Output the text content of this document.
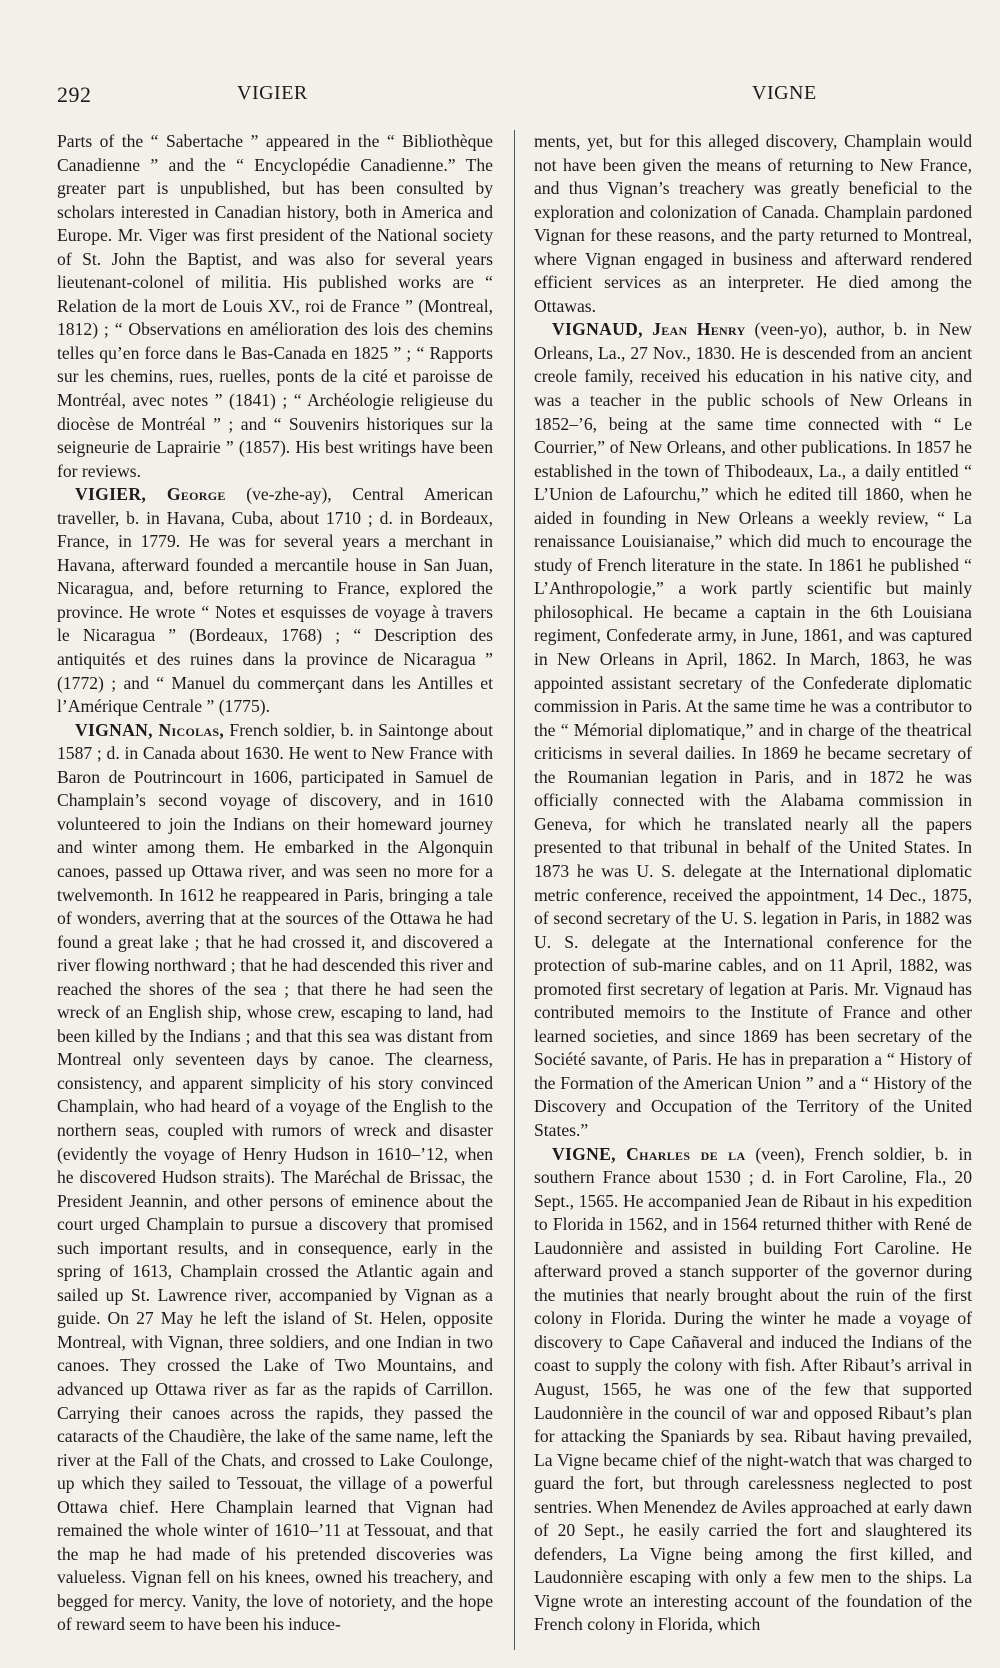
292	VIGIER	VIGNE

Parts of the “ Sabertache ” appeared in the “ Bibliothèque Canadienne ” and the “ Encyclopédie Canadienne.” The greater part is unpublished, but has been consulted by scholars interested in Canadian history, both in America and Europe. Mr. Viger was first president of the National society of St. John the Baptist, and was also for several years lieutenant-colonel of militia. His published works are “ Relation de la mort de Louis XV., roi de France ” (Montreal, 1812) ; “ Observations en amélioration des lois des chemins telles qu’en force dans le Bas-Canada en 1825 ” ; “ Rapports sur les chemins, rues, ruelles, ponts de la cité et paroisse de Montréal, avec notes ” (1841) ; “ Archéologie religieuse du diocèse de Montréal ” ; and “ Souvenirs historiques sur la seigneurie de Laprairie ” (1857). His best writings have been for reviews.

VIGIER, George (ve-zhe-ay), Central American traveller, b. in Havana, Cuba, about 1710 ; d. in Bordeaux, France, in 1779. He was for several years a merchant in Havana, afterward founded a mercantile house in San Juan, Nicaragua, and, before returning to France, explored the province. He wrote “ Notes et esquisses de voyage à travers le Nicaragua ” (Bordeaux, 1768) ; “ Description des antiquités et des ruines dans la province de Nicaragua ” (1772) ; and “ Manuel du commerçant dans les Antilles et l’Amérique Centrale ” (1775).

VIGNAN, Nicolas, French soldier, b. in Saintonge about 1587 ; d. in Canada about 1630. He went to New France with Baron de Poutrincourt in 1606, participated in Samuel de Champlain’s second voyage of discovery, and in 1610 volunteered to join the Indians on their homeward journey and winter among them. He embarked in the Algonquin canoes, passed up Ottawa river, and was seen no more for a twelvemonth. In 1612 he reappeared in Paris, bringing a tale of wonders, averring that at the sources of the Ottawa he had found a great lake ; that he had crossed it, and discovered a river flowing northward ; that he had descended this river and reached the shores of the sea ; that there he had seen the wreck of an English ship, whose crew, escaping to land, had been killed by the Indians ; and that this sea was distant from Montreal only seventeen days by canoe. The clearness, consistency, and apparent simplicity of his story convinced Champlain, who had heard of a voyage of the English to the northern seas, coupled with rumors of wreck and disaster (evidently the voyage of Henry Hudson in 1610–’12, when he discovered Hudson straits). The Maréchal de Brissac, the President Jeannin, and other persons of eminence about the court urged Champlain to pursue a discovery that promised such important results, and in consequence, early in the spring of 1613, Champlain crossed the Atlantic again and sailed up St. Lawrence river, accompanied by Vignan as a guide. On 27 May he left the island of St. Helen, opposite Montreal, with Vignan, three soldiers, and one Indian in two canoes. They crossed the Lake of Two Mountains, and advanced up Ottawa river as far as the rapids of Carrillon. Carrying their canoes across the rapids, they passed the cataracts of the Chaudière, the lake of the same name, left the river at the Fall of the Chats, and crossed to Lake Coulonge, up which they sailed to Tessouat, the village of a powerful Ottawa chief. Here Champlain learned that Vignan had remained the whole winter of 1610–’11 at Tessouat, and that the map he had made of his pretended discoveries was valueless. Vignan fell on his knees, owned his treachery, and begged for mercy. Vanity, the love of notoriety, and the hope of reward seem to have been his induce-

ments, yet, but for this alleged discovery, Champlain would not have been given the means of returning to New France, and thus Vignan’s treachery was greatly beneficial to the exploration and colonization of Canada. Champlain pardoned Vignan for these reasons, and the party returned to Montreal, where Vignan engaged in business and afterward rendered efficient services as an interpreter. He died among the Ottawas.

VIGNAUD, Jean Henry (veen-yo), author, b. in New Orleans, La., 27 Nov., 1830. He is descended from an ancient creole family, received his education in his native city, and was a teacher in the public schools of New Orleans in 1852–’6, being at the same time connected with “ Le Courrier,” of New Orleans, and other publications. In 1857 he established in the town of Thibodeaux, La., a daily entitled “ L’Union de Lafourchu,” which he edited till 1860, when he aided in founding in New Orleans a weekly review, “ La renaissance Louisianaise,” which did much to encourage the study of French literature in the state. In 1861 he published “ L’Anthropologie,” a work partly scientific but mainly philosophical. He became a captain in the 6th Louisiana regiment, Confederate army, in June, 1861, and was captured in New Orleans in April, 1862. In March, 1863, he was appointed assistant secretary of the Confederate diplomatic commission in Paris. At the same time he was a contributor to the “ Mémorial diplomatique,” and in charge of the theatrical criticisms in several dailies. In 1869 he became secretary of the Roumanian legation in Paris, and in 1872 he was officially connected with the Alabama commission in Geneva, for which he translated nearly all the papers presented to that tribunal in behalf of the United States. In 1873 he was U. S. delegate at the International diplomatic metric conference, received the appointment, 14 Dec., 1875, of second secretary of the U. S. legation in Paris, in 1882 was U. S. delegate at the International conference for the protection of sub-marine cables, and on 11 April, 1882, was promoted first secretary of legation at Paris. Mr. Vignaud has contributed memoirs to the Institute of France and other learned societies, and since 1869 has been secretary of the Société savante, of Paris. He has in preparation a “ History of the Formation of the American Union ” and a “ History of the Discovery and Occupation of the Territory of the United States.”

VIGNE, Charles de la (veen), French soldier, b. in southern France about 1530 ; d. in Fort Caroline, Fla., 20 Sept., 1565. He accompanied Jean de Ribaut in his expedition to Florida in 1562, and in 1564 returned thither with René de Laudonnière and assisted in building Fort Caroline. He afterward proved a stanch supporter of the governor during the mutinies that nearly brought about the ruin of the first colony in Florida. During the winter he made a voyage of discovery to Cape Cañaveral and induced the Indians of the coast to supply the colony with fish. After Ribaut’s arrival in August, 1565, he was one of the few that supported Laudonnière in the council of war and opposed Ribaut’s plan for attacking the Spaniards by sea. Ribaut having prevailed, La Vigne became chief of the night-watch that was charged to guard the fort, but through carelessness neglected to post sentries. When Menendez de Aviles approached at early dawn of 20 Sept., he easily carried the fort and slaughtered its defenders, La Vigne being among the first killed, and Laudonnière escaping with only a few men to the ships. La Vigne wrote an interesting account of the foundation of the French colony in Florida, which
